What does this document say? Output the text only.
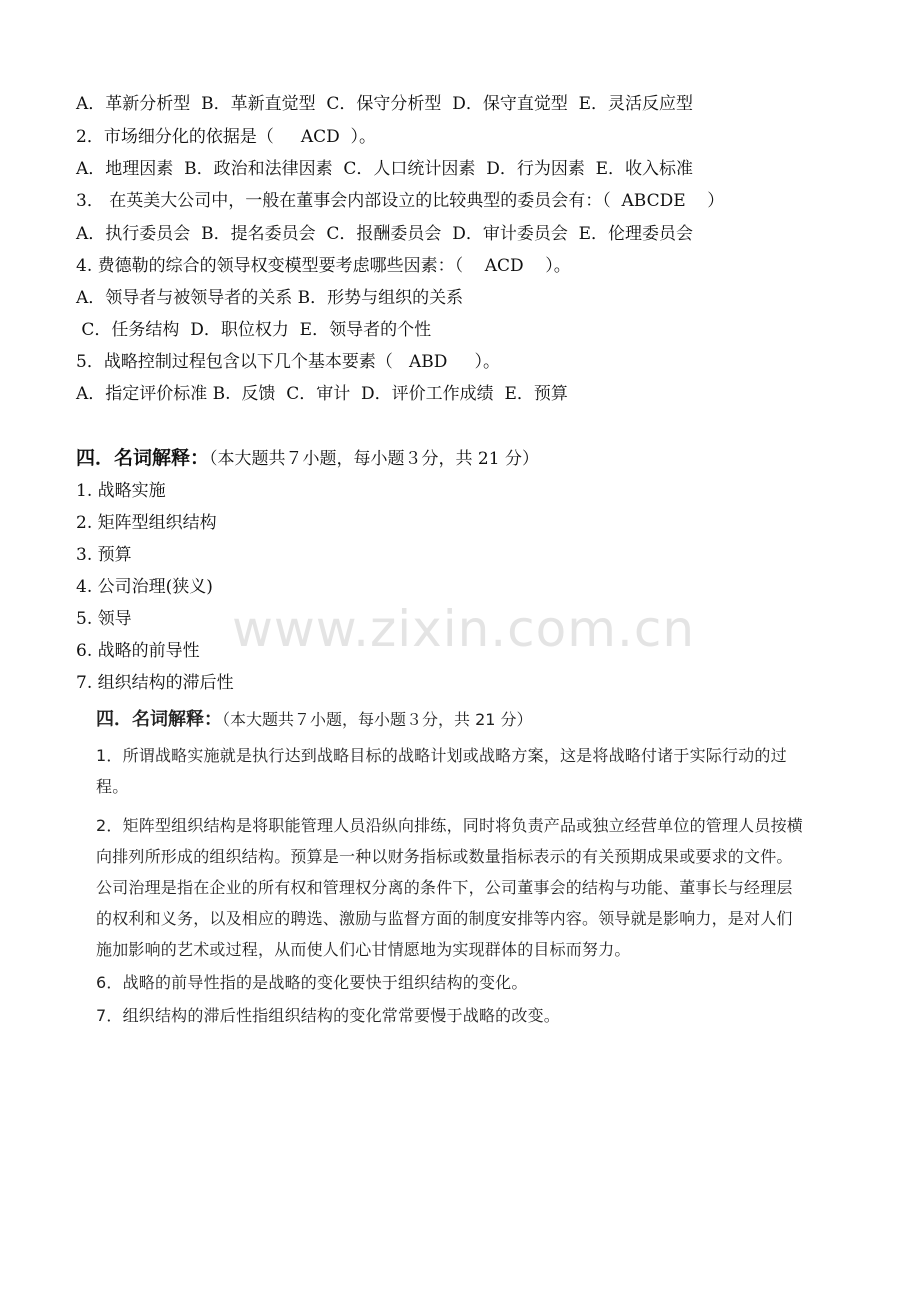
A．革新分析型  B．革新直觉型  C．保守分析型  D．保守直觉型  E．灵活反应型
2．市场细分化的依据是（     ACD  ）。
A．地理因素  B．政治和法律因素  C．人口统计因素  D．行为因素  E．收入标准
3． 在英美大公司中，一般在董事会内部设立的比较典型的委员会有：（  ABCDE    ）
A．执行委员会  B．提名委员会  C．报酬委员会  D．审计委员会  E．伦理委员会
4. 费德勒的综合的领导权变模型要考虑哪些因素：（    ACD    ）。
A．领导者与被领导者的关系 B．形势与组织的关系
C．任务结构  D．职位权力  E．领导者的个性
5．战略控制过程包含以下几个基本要素（   ABD     ）。
A．指定评价标准 B.  反馈  C．审计  D．评价工作成绩  E．预算
四．名词解释：（本大题共７小题，每小题３分，共 21 分）
1. 战略实施
2. 矩阵型组织结构
3. 预算
4. 公司治理(狭义)
5. 领导
6. 战略的前导性
7. 组织结构的滞后性
www.zixin.com.cn
四．名词解释：（本大题共７小题，每小题３分，共 21 分）

1．所谓战略实施就是执行达到战略目标的战略计划或战略方案，这是将战略付诸于实际行动的过程。

2．矩阵型组织结构是将职能管理人员沿纵向排练，同时将负责产品或独立经营单位的管理人员按横向排列所形成的组织结构。预算是一种以财务指标或数量指标表示的有关预期成果或要求的文件。公司治理是指在企业的所有权和管理权分离的条件下，公司董事会的结构与功能、董事长与经理层的权利和义务，以及相应的聘选、激励与监督方面的制度安排等内容。领导就是影响力，是对人们施加影响的艺术或过程，从而使人们心甘情愿地为实现群体的目标而努力。

6．战略的前导性指的是战略的变化要快于组织结构的变化。

7．组织结构的滞后性指组织结构的变化常常要慢于战略的改变。
